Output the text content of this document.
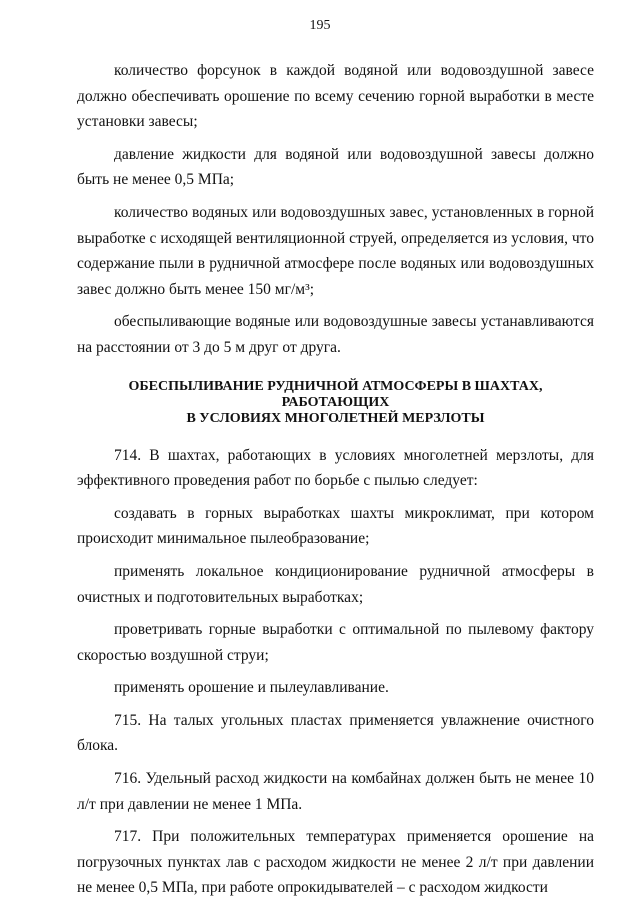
195

количество форсунок в каждой водяной или водовоздушной завесе должно обеспечивать орошение по всему сечению горной выработки в месте установки завесы;

давление жидкости для водяной или водовоздушной завесы должно быть не менее 0,5 МПа;

количество водяных или водовоздушных завес, установленных в горной выработке с исходящей вентиляционной струей, определяется из условия, что содержание пыли в рудничной атмосфере после водяных или водовоздушных завес должно быть менее 150 мг/м³;

обеспыливающие водяные или водовоздушные завесы устанавливаются на расстоянии от 3 до 5 м друг от друга.

ОБЕСПЫЛИВАНИЕ РУДНИЧНОЙ АТМОСФЕРЫ В ШАХТАХ, РАБОТАЮЩИХ
В УСЛОВИЯХ МНОГОЛЕТНЕЙ МЕРЗЛОТЫ

714. В шахтах, работающих в условиях многолетней мерзлоты, для эффективного проведения работ по борьбе с пылью следует:

создавать в горных выработках шахты микроклимат, при котором происходит минимальное пылеобразование;

применять локальное кондиционирование рудничной атмосферы в очистных и подготовительных выработках;

проветривать горные выработки с оптимальной по пылевому фактору скоростью воздушной струи;

применять орошение и пылеулавливание.

715. На талых угольных пластах применяется увлажнение очистного блока.

716. Удельный расход жидкости на комбайнах должен быть не менее 10 л/т при давлении не менее 1 МПа.

717. При положительных температурах применяется орошение на погрузочных пунктах лав с расходом жидкости не менее 2 л/т при давлении не менее 0,5 МПа, при работе опрокидывателей – с расходом жидкости
